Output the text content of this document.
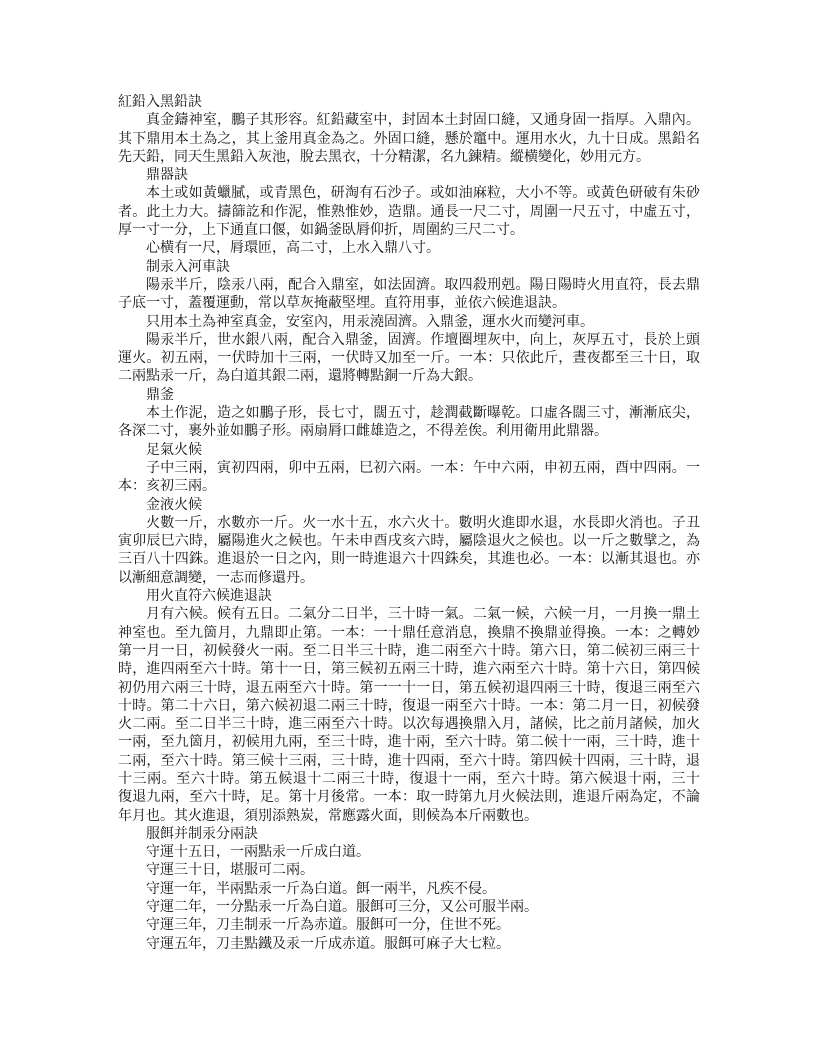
紅鉛入黑鉛訣
真金鑄神室，鵬子其形容。紅鉛藏室中，封固本土封固口縫，又通身固一指厚。入鼎內。
其下鼎用本土為之，其上釜用真金為之。外固口縫，懸於竈中。運用水火，九十日成。黑鉛名
先天鉛，同天生黑鉛入灰池，脫去黑衣，十分精潔，名九鍊精。縱横變化，妙用元方。
鼎器訣
本土或如黃蠟膩，或青黑色，研淘有石沙子。或如油麻粒，大小不等。或黃色研破有朱砂
者。此土力大。擣篩訖和作泥，惟熟惟妙，造鼎。通長一尺二寸，周圍一尺五寸，中虛五寸，
厚一寸一分，上下通直口偃，如鍋釜臥脣仰折，周圍約三尺二寸。
心横有一尺，脣環匝，高二寸，上水入鼎八寸。
制汞入河車訣
陽汞半斤，陰汞八兩，配合入鼎室，如法固濟。取四殺刑剋。陽日陽時火用直符，長去鼎
子底一寸，蓋覆運動，常以草灰掩蔽堅埋。直符用事，並依六候進退訣。
只用本土為神室真金，安室內，用汞澆固濟。入鼎釜，運水火而變河車。
陽汞半斤，世水銀八兩，配合入鼎釜，固濟。作壇圈埋灰中，向上，灰厚五寸，長於上頭
運火。初五兩，一伏時加十三兩，一伏時又加至一斤。一本：只依此斤，晝夜都至三十日，取
二兩點汞一斤，為白道其銀二兩，還將轉點銅一斤為大銀。
鼎釜
本土作泥，造之如鵬子形，長七寸，闊五寸，趁潤截斷曝乾。口虛各闊三寸，漸漸底尖，
各深二寸，裹外並如鵬子形。兩扇脣口雌雄造之，不得差俟。利用衛用此鼎器。
足氣火候
子中三兩，寅初四兩，卯中五兩，巳初六兩。一本：午中六兩，申初五兩，酉中四兩。一
本：亥初三兩。
金液火候
火數一斤，水數亦一斤。火一水十五，水六火十。數明火進即水退，水長即火消也。子丑
寅卯辰巳六時，屬陽進火之候也。午未申酉戌亥六時，屬陰退火之候也。以一斤之數擘之，為
三百八十四銖。進退於一日之內，則一時進退六十四銖矣，其進也必。一本：以漸其退也。亦
以漸細意調變，一志而修還丹。
用火直符六候進退訣
月有六候。候有五日。二氣分二日半，三十時一氣。二氣一候，六候一月，一月換一鼎土
神室也。至九箇月，九鼎即止第。一本：一十鼎任意消息，換鼎不換鼎並得換。一本：之轉妙
第一月一日，初候發火一兩。至二日半三十時，進二兩至六十時。第六日，第二候初三兩三十
時，進四兩至六十時。第十一日，第三候初五兩三十時，進六兩至六十時。第十六日，第四候
初仍用六兩三十時，退五兩至六十時。第一一十一日，第五候初退四兩三十時，復退三兩至六
十時。第二十六日，第六候初退二兩三十時，復退一兩至六十時。一本：第二月一日，初候發
火二兩。至二日半三十時，進三兩至六十時。以次每遇換鼎入月，諸候，比之前月諸候，加火
一兩，至九箇月，初候用九兩，至三十時，進十兩，至六十時。第二候十一兩，三十時，進十
二兩，至六十時。第三候十三兩，三十時，進十四兩，至六十時。第四候十四兩，三十時，退
十三兩。至六十時。第五候退十二兩三十時，復退十一兩，至六十時。第六候退十兩，三十
復退九兩，至六十時，足。第十月後常。一本：取一時第九月火候法則，進退斤兩為定，不論
年月也。其火進退，須別添熟炭，常應露火面，則候為本斤兩數也。
服餌并制汞分兩訣
守運十五日，一兩點汞一斤成白道。
守運三十日，堪服可二兩。
守運一年，半兩點汞一斤為白道。餌一兩半，凡疾不侵。
守運二年，一分點汞一斤為白道。服餌可三分，又公可服半兩。
守運三年，刀圭制汞一斤為赤道。服餌可一分，住世不死。
守運五年，刀圭點鐵及汞一斤成赤道。服餌可麻子大七粒。
